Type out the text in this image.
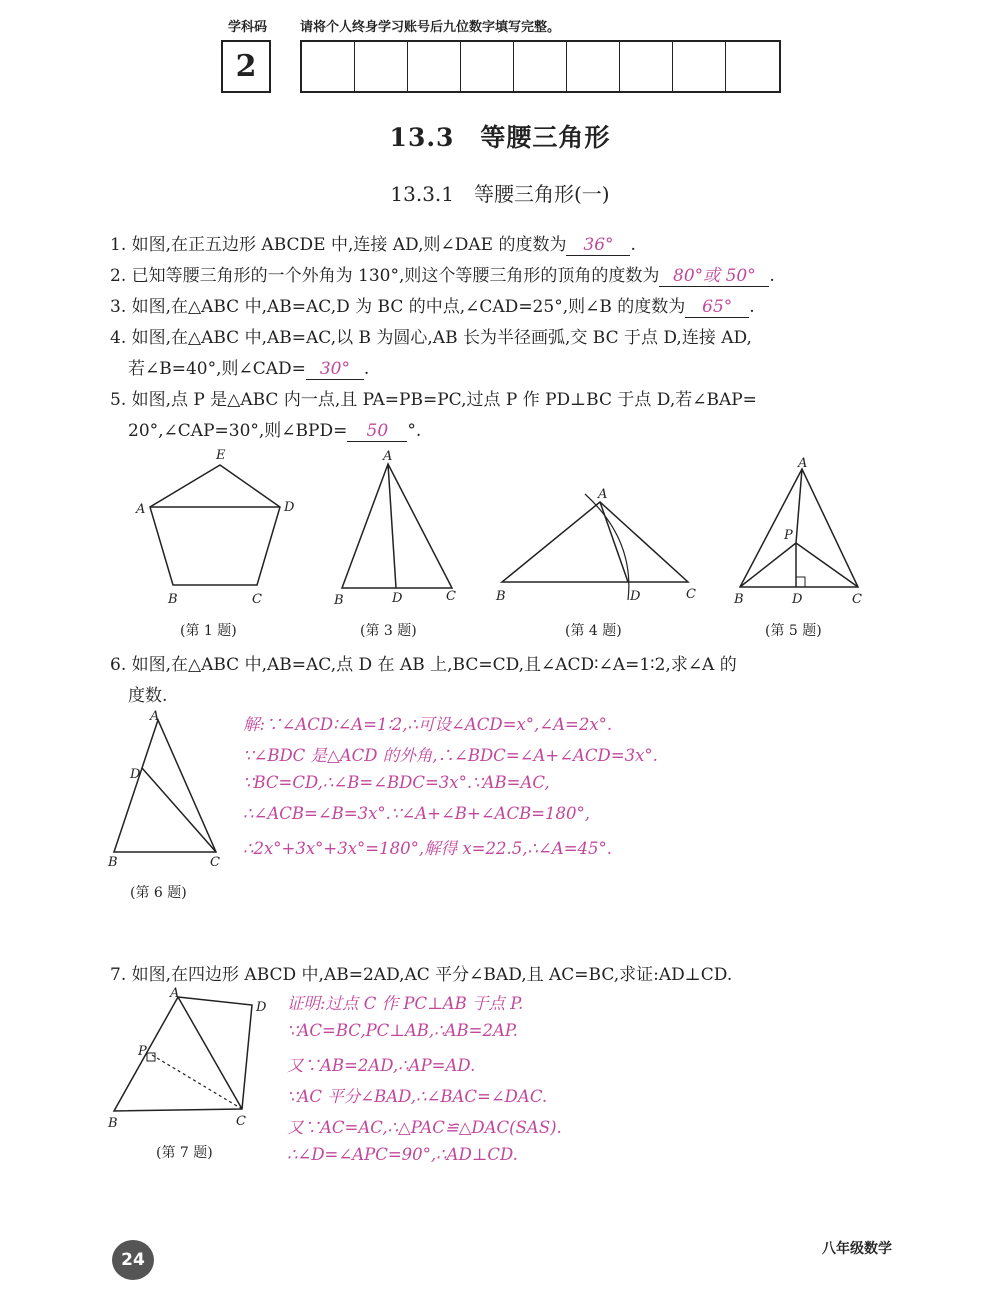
学科码	请将个人终身学习账号后九位数字填写完整。
2
13.3　等腰三角形
13.3.1　等腰三角形(一)
1. 如图,在正五边形 ABCDE 中,连接 AD,则∠DAE 的度数为 36° .
2. 已知等腰三角形的一个外角为 130°,则这个等腰三角形的顶角的度数为 80°或 50° .
3. 如图,在△ABC 中,AB=AC,D 为 BC 的中点,∠CAD=25°,则∠B 的度数为 65° .
4. 如图,在△ABC 中,AB=AC,以 B 为圆心,AB 长为半径画弧,交 BC 于点 D,连接 AD,
若∠B=40°,则∠CAD= 30° .
5. 如图,点 P 是△ABC 内一点,且 PA=PB=PC,过点 P 作 PD⊥BC 于点 D,若∠BAP=
20°,∠CAP=30°,则∠BPD= 50 °.
E
A	D
B	C
(第 1 题)
A
B	D	C
(第 3 题)
A
B	D	C
(第 4 题)
A
P
B	D	C
(第 5 题)
6. 如图,在△ABC 中,AB=AC,点 D 在 AB 上,BC=CD,且∠ACD∶∠A=1∶2,求∠A 的
度数.
A
D
B	C
(第 6 题)
解:∵∠ACD∶∠A=1∶2,∴可设∠ACD=x°,∠A=2x°.
∵∠BDC 是△ACD 的外角,∴∠BDC=∠A+∠ACD=3x°.
∵BC=CD,∴∠B=∠BDC=3x°.∵AB=AC,
∴∠ACB=∠B=3x°.∵∠A+∠B+∠ACB=180°,
∴2x°+3x°+3x°=180°,解得 x=22.5,∴∠A=45°.
7. 如图,在四边形 ABCD 中,AB=2AD,AC 平分∠BAD,且 AC=BC,求证:AD⊥CD.
A
D
P
B	C
(第 7 题)
证明:过点 C 作 PC⊥AB 于点 P.
∵AC=BC,PC⊥AB,∴AB=2AP.
又∵AB=2AD,∴AP=AD.
∵AC 平分∠BAD,∴∠BAC=∠DAC.
又∵AC=AC,∴△PAC≌△DAC(SAS).
∴∠D=∠APC=90°,∴AD⊥CD.
24
八年级数学
